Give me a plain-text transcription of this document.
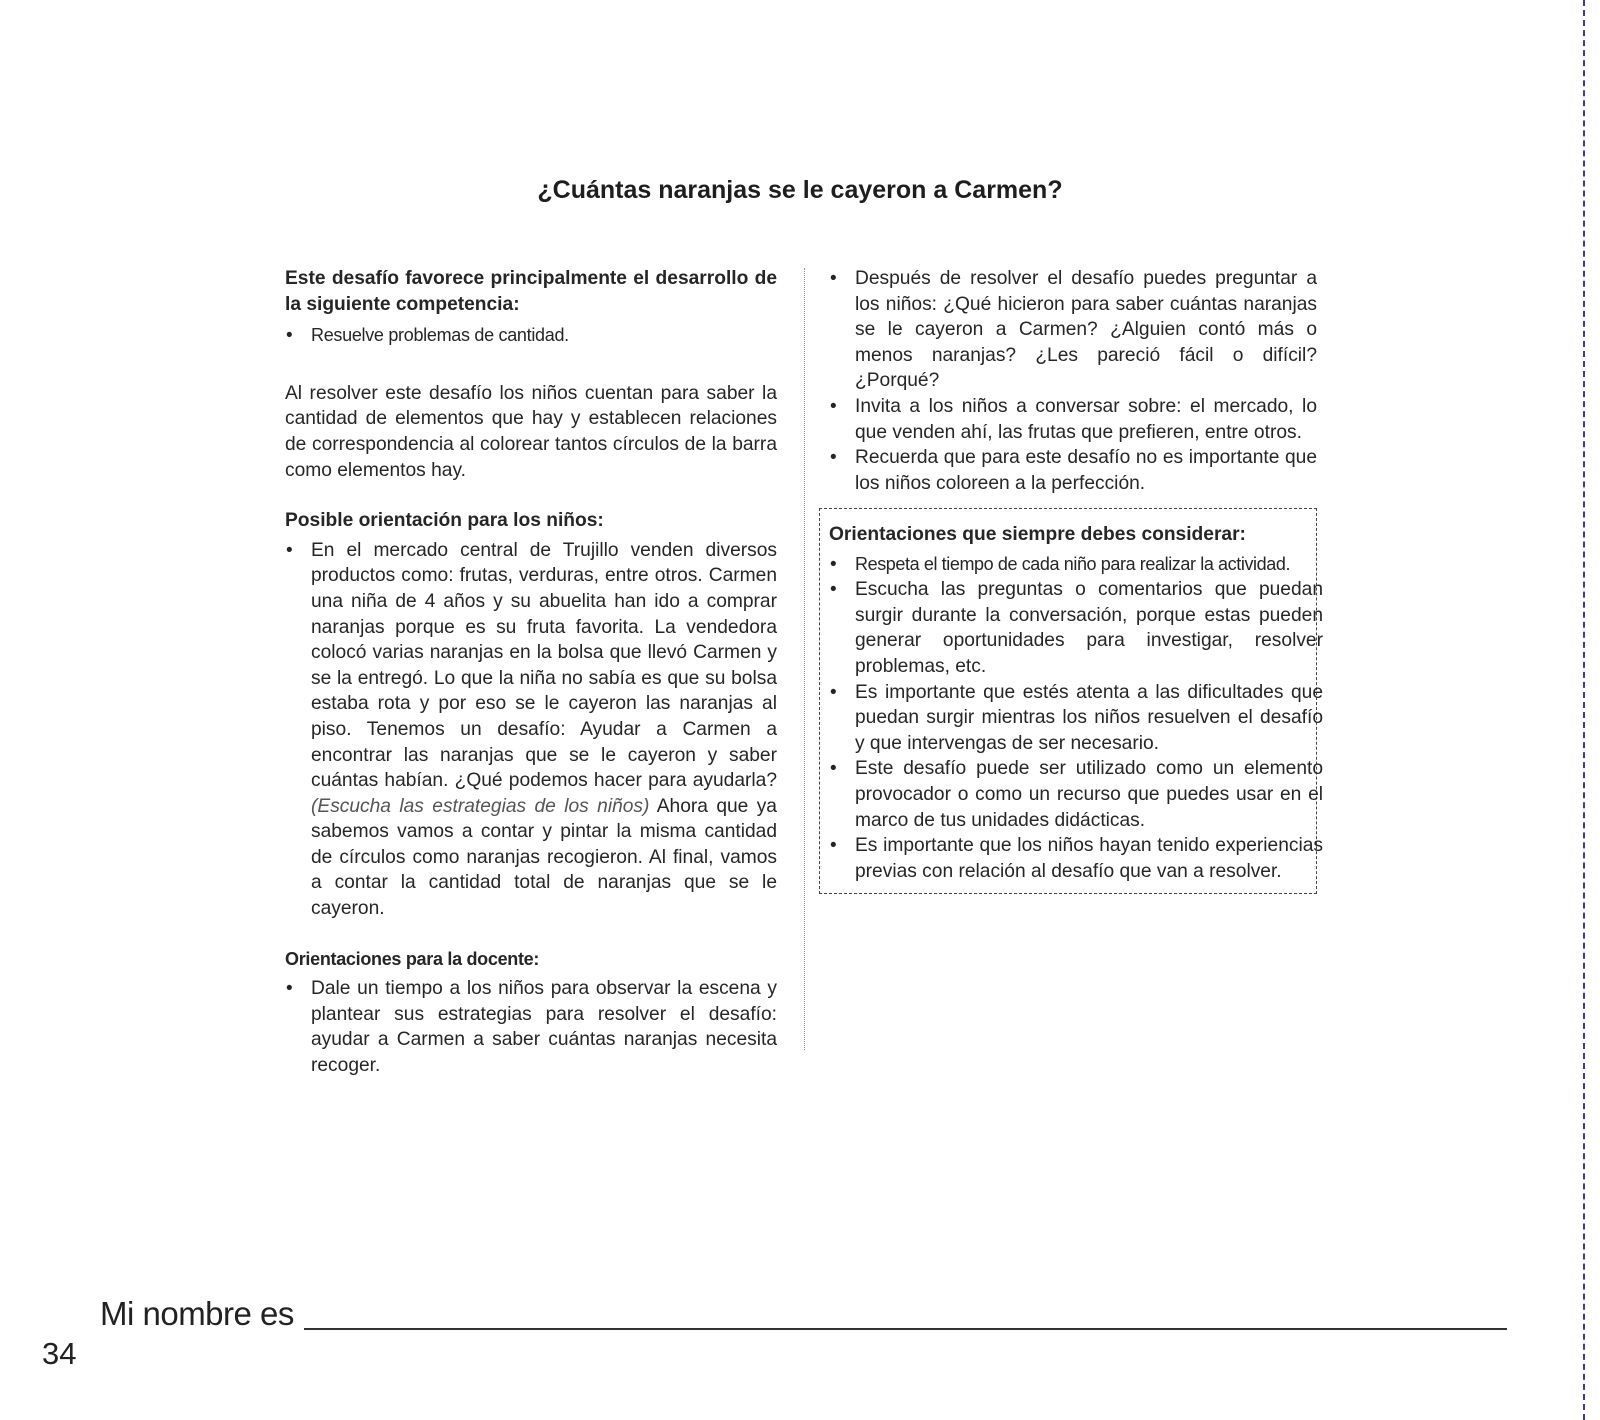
¿Cuántas naranjas se le cayeron a Carmen?

Este desafío favorece principalmente el desarrollo de la siguiente competencia:

• Resuelve problemas de cantidad.

Al resolver este desafío los niños cuentan para saber la cantidad de elementos que hay y establecen relaciones de correspondencia al colorear tantos círculos de la barra como elementos hay.

Posible orientación para los niños:

• En el mercado central de Trujillo venden diversos productos como: frutas, verduras, entre otros. Carmen una niña de 4 años y su abuelita han ido a comprar naranjas porque es su fruta favorita. La vendedora colocó varias naranjas en la bolsa que llevó Carmen y se la entregó. Lo que la niña no sabía es que su bolsa estaba rota y por eso se le cayeron las naranjas al piso. Tenemos un desafío: Ayudar a Carmen a encontrar las naranjas que se le cayeron y saber cuántas habían. ¿Qué podemos hacer para ayudarla? (Escucha las estrategias de los niños) Ahora que ya sabemos vamos a contar y pintar la misma cantidad de círculos como naranjas recogieron. Al final, vamos a contar la cantidad total de naranjas que se le cayeron.

Orientaciones para la docente:

• Dale un tiempo a los niños para observar la escena y plantear sus estrategias para resolver el desafío: ayudar a Carmen a saber cuántas naranjas necesita recoger.
• Después de resolver el desafío puedes preguntar a los niños: ¿Qué hicieron para saber cuántas naranjas se le cayeron a Carmen? ¿Alguien contó más o menos naranjas? ¿Les pareció fácil o difícil? ¿Porqué?
• Invita a los niños a conversar sobre: el mercado, lo que venden ahí, las frutas que prefieren, entre otros.
• Recuerda que para este desafío no es importante que los niños coloreen a la perfección.

Orientaciones que siempre debes considerar:

• Respeta el tiempo de cada niño para realizar la actividad.
• Escucha las preguntas o comentarios que puedan surgir durante la conversación, porque estas pueden generar oportunidades para investigar, resolver problemas, etc.
• Es importante que estés atenta a las dificultades que puedan surgir mientras los niños resuelven el desafío y que intervengas de ser necesario.
• Este desafío puede ser utilizado como un elemento provocador o como un recurso que puedes usar en el marco de tus unidades didácticas.
• Es importante que los niños hayan tenido experiencias previas con relación al desafío que van a resolver.
Mi nombre es
34
